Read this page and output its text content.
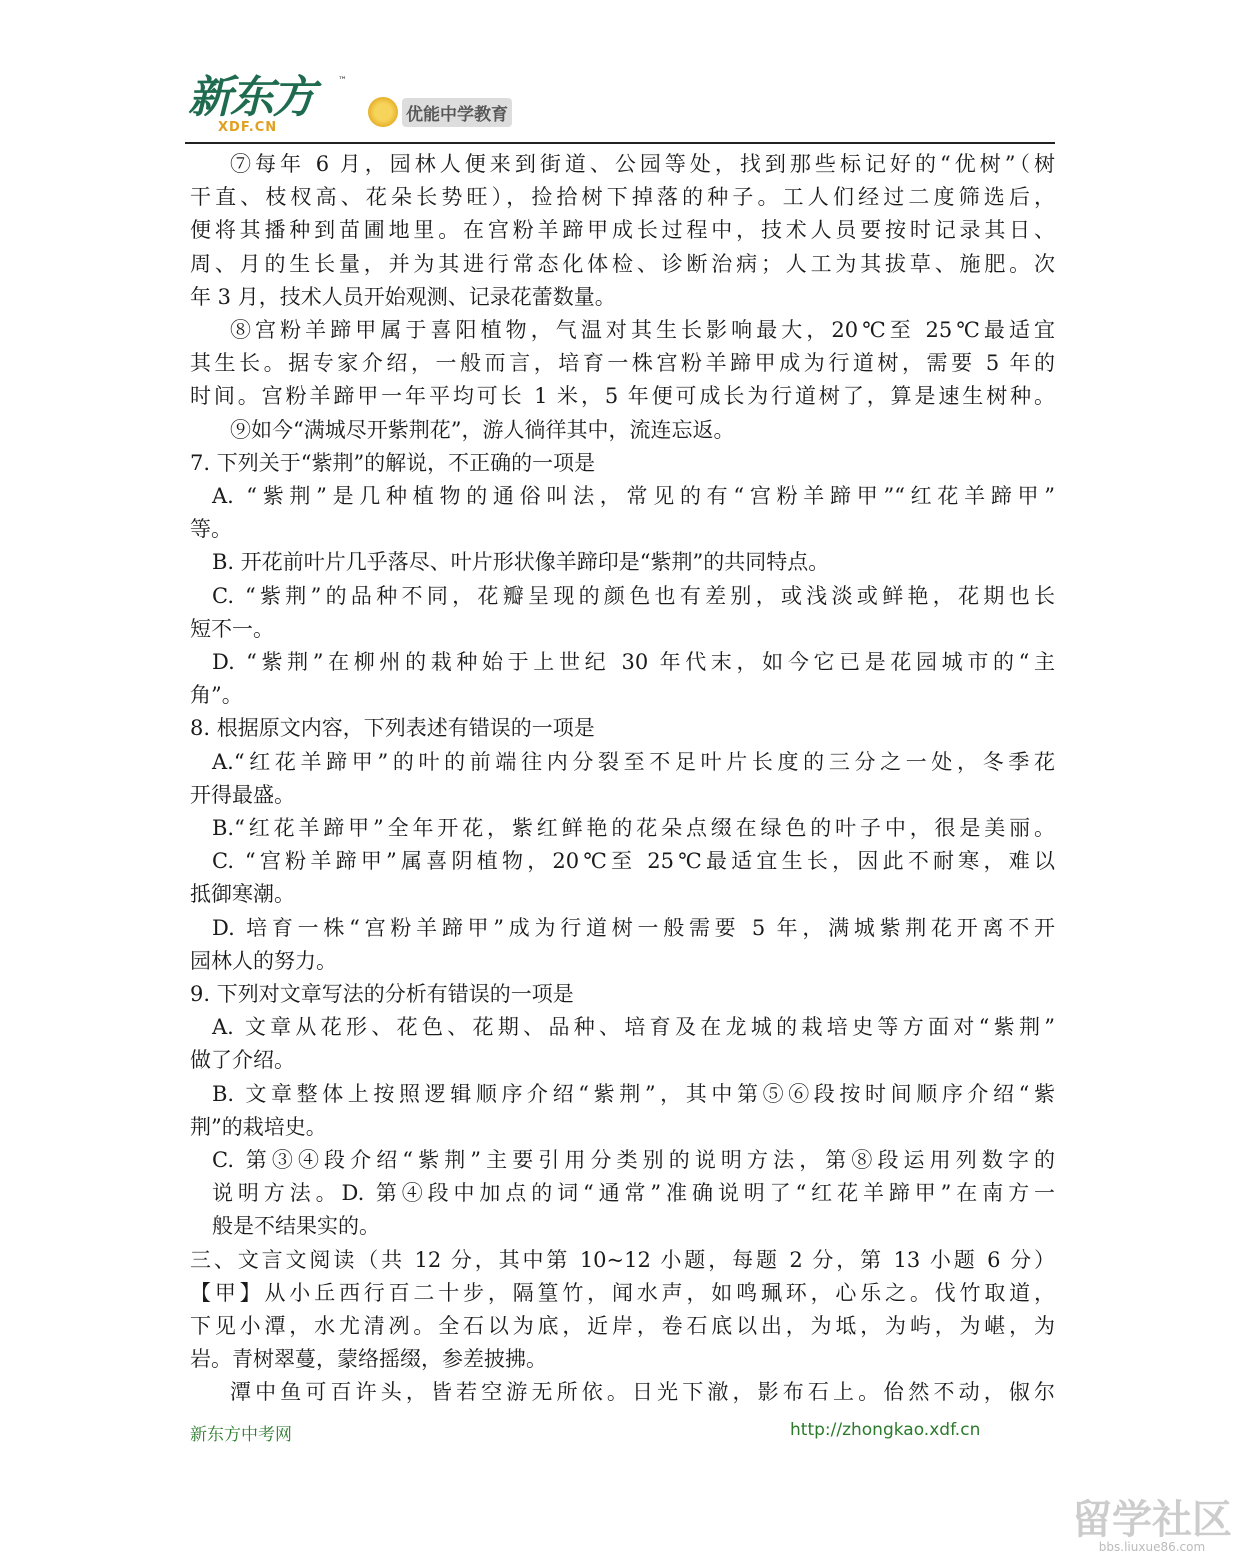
新东方	™
XDF.CN
优能中学教育
⑦每年 6 月，园林人便来到街道、公园等处，找到那些标记好的“优树”（树
干直、枝杈高、花朵长势旺），捡拾树下掉落的种子。工人们经过二度筛选后，
便将其播种到苗圃地里。在宫粉羊蹄甲成长过程中，技术人员要按时记录其日、
周、月的生长量，并为其进行常态化体检、诊断治病；人工为其拔草、施肥。次
年 3 月，技术人员开始观测、记录花蕾数量。
⑧宫粉羊蹄甲属于喜阳植物，气温对其生长影响最大，20℃至 25℃最适宜
其生长。据专家介绍，一般而言，培育一株宫粉羊蹄甲成为行道树，需要 5 年的
时间。宫粉羊蹄甲一年平均可长 1 米，5 年便可成长为行道树了，算是速生树种。
⑨如今“满城尽开紫荆花”，游人徜徉其中，流连忘返。
7. 下列关于“紫荆”的解说，不正确的一项是
A. “紫荆”是几种植物的通俗叫法，常见的有“宫粉羊蹄甲”“红花羊蹄甲”
等。
B. 开花前叶片几乎落尽、叶片形状像羊蹄印是“紫荆”的共同特点。
C. “紫荆”的品种不同，花瓣呈现的颜色也有差别，或浅淡或鲜艳，花期也长
短不一。
D. “紫荆”在柳州的栽种始于上世纪 30 年代末，如今它已是花园城市的“主
角”。
8. 根据原文内容，下列表述有错误的一项是
A.“红花羊蹄甲”的叶的前端往内分裂至不足叶片长度的三分之一处，冬季花
开得最盛。
B.“红花羊蹄甲”全年开花，紫红鲜艳的花朵点缀在绿色的叶子中，很是美丽。
C. “宫粉羊蹄甲”属喜阴植物，20℃至 25℃最适宜生长，因此不耐寒，难以
抵御寒潮。
D. 培育一株“宫粉羊蹄甲”成为行道树一般需要 5 年，满城紫荆花开离不开
园林人的努力。
9. 下列对文章写法的分析有错误的一项是
A. 文章从花形、花色、花期、品种、培育及在龙城的栽培史等方面对“紫荆”
做了介绍。
B. 文章整体上按照逻辑顺序介绍“紫荆”，其中第⑤⑥段按时间顺序介绍“紫
荆”的栽培史。
C. 第③④段介绍“紫荆”主要引用分类别的说明方法，第⑧段运用列数字的
说明方法。D. 第④段中加点的词“通常”准确说明了“红花羊蹄甲”在南方一
般是不结果实的。
三、文言文阅读（共 12 分，其中第 10~12 小题，每题 2 分，第 13 小题 6 分）
【甲】从小丘西行百二十步，隔篁竹，闻水声，如鸣珮环，心乐之。伐竹取道，
下见小潭，水尤清冽。全石以为底，近岸，卷石底以出，为坻，为屿，为嵁，为
岩。青树翠蔓，蒙络摇缀，参差披拂。
潭中鱼可百许头，皆若空游无所依。日光下澈，影布石上。佁然不动，俶尔
新东方中考网	http://zhongkao.xdf.cn
留学社区
bbs.liuxue86.com
